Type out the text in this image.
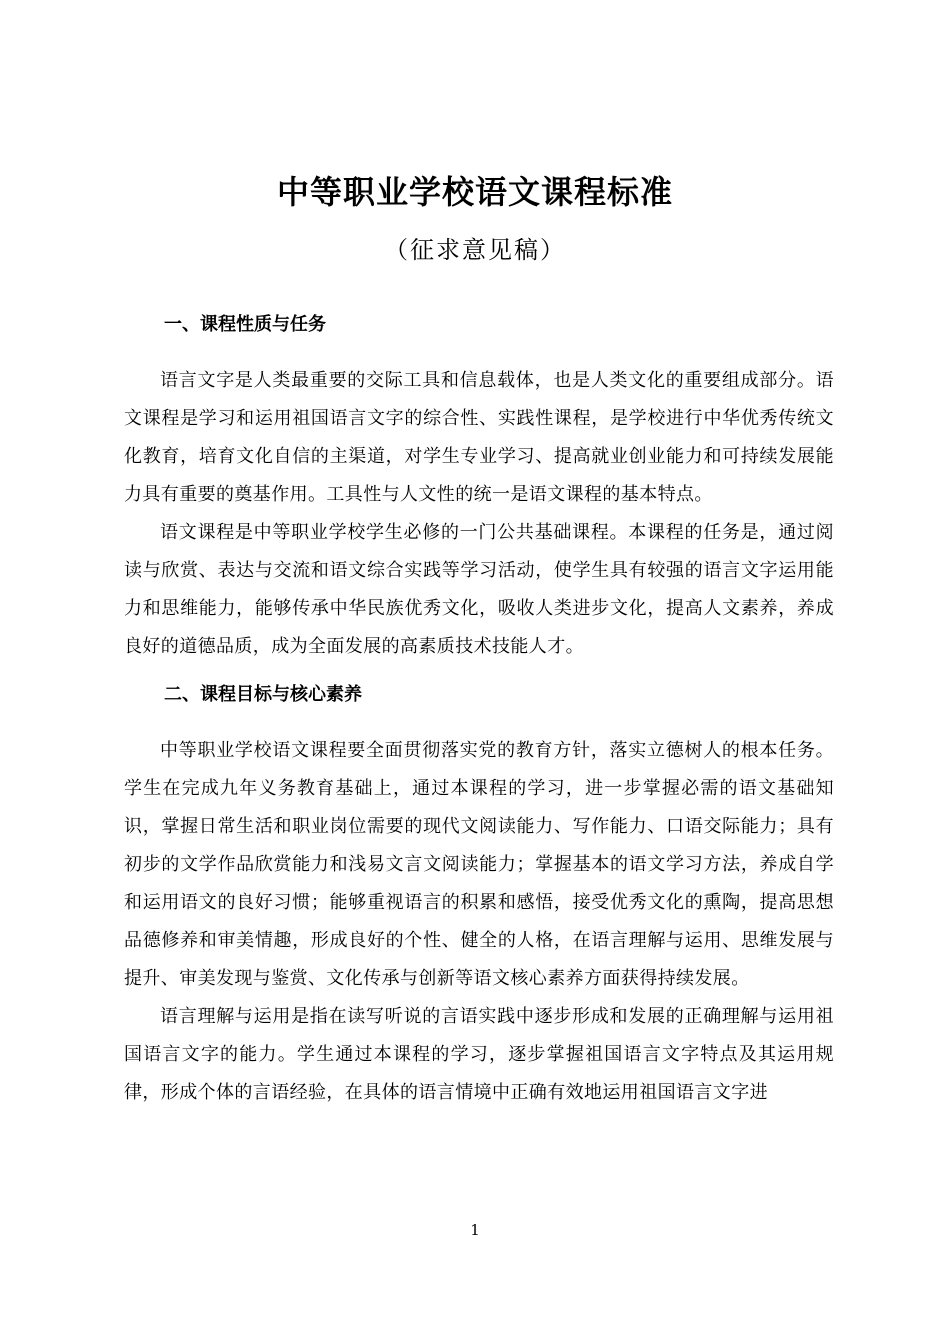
中等职业学校语文课程标准
（征求意见稿）
一、课程性质与任务

语言文字是人类最重要的交际工具和信息载体，也是人类文化的重要组成部分。语文课程是学习和运用祖国语言文字的综合性、实践性课程，是学校进行中华优秀传统文化教育，培育文化自信的主渠道，对学生专业学习、提高就业创业能力和可持续发展能力具有重要的奠基作用。工具性与人文性的统一是语文课程的基本特点。

语文课程是中等职业学校学生必修的一门公共基础课程。本课程的任务是，通过阅读与欣赏、表达与交流和语文综合实践等学习活动，使学生具有较强的语言文字运用能力和思维能力，能够传承中华民族优秀文化，吸收人类进步文化，提高人文素养，养成良好的道德品质，成为全面发展的高素质技术技能人才。

二、课程目标与核心素养

中等职业学校语文课程要全面贯彻落实党的教育方针，落实立德树人的根本任务。学生在完成九年义务教育基础上，通过本课程的学习，进一步掌握必需的语文基础知识，掌握日常生活和职业岗位需要的现代文阅读能力、写作能力、口语交际能力；具有初步的文学作品欣赏能力和浅易文言文阅读能力；掌握基本的语文学习方法，养成自学和运用语文的良好习惯；能够重视语言的积累和感悟，接受优秀文化的熏陶，提高思想品德修养和审美情趣，形成良好的个性、健全的人格，在语言理解与运用、思维发展与提升、审美发现与鉴赏、文化传承与创新等语文核心素养方面获得持续发展。

语言理解与运用是指在读写听说的言语实践中逐步形成和发展的正确理解与运用祖国语言文字的能力。学生通过本课程的学习，逐步掌握祖国语言文字特点及其运用规律，形成个体的言语经验，在具体的语言情境中正确有效地运用祖国语言文字进

1
